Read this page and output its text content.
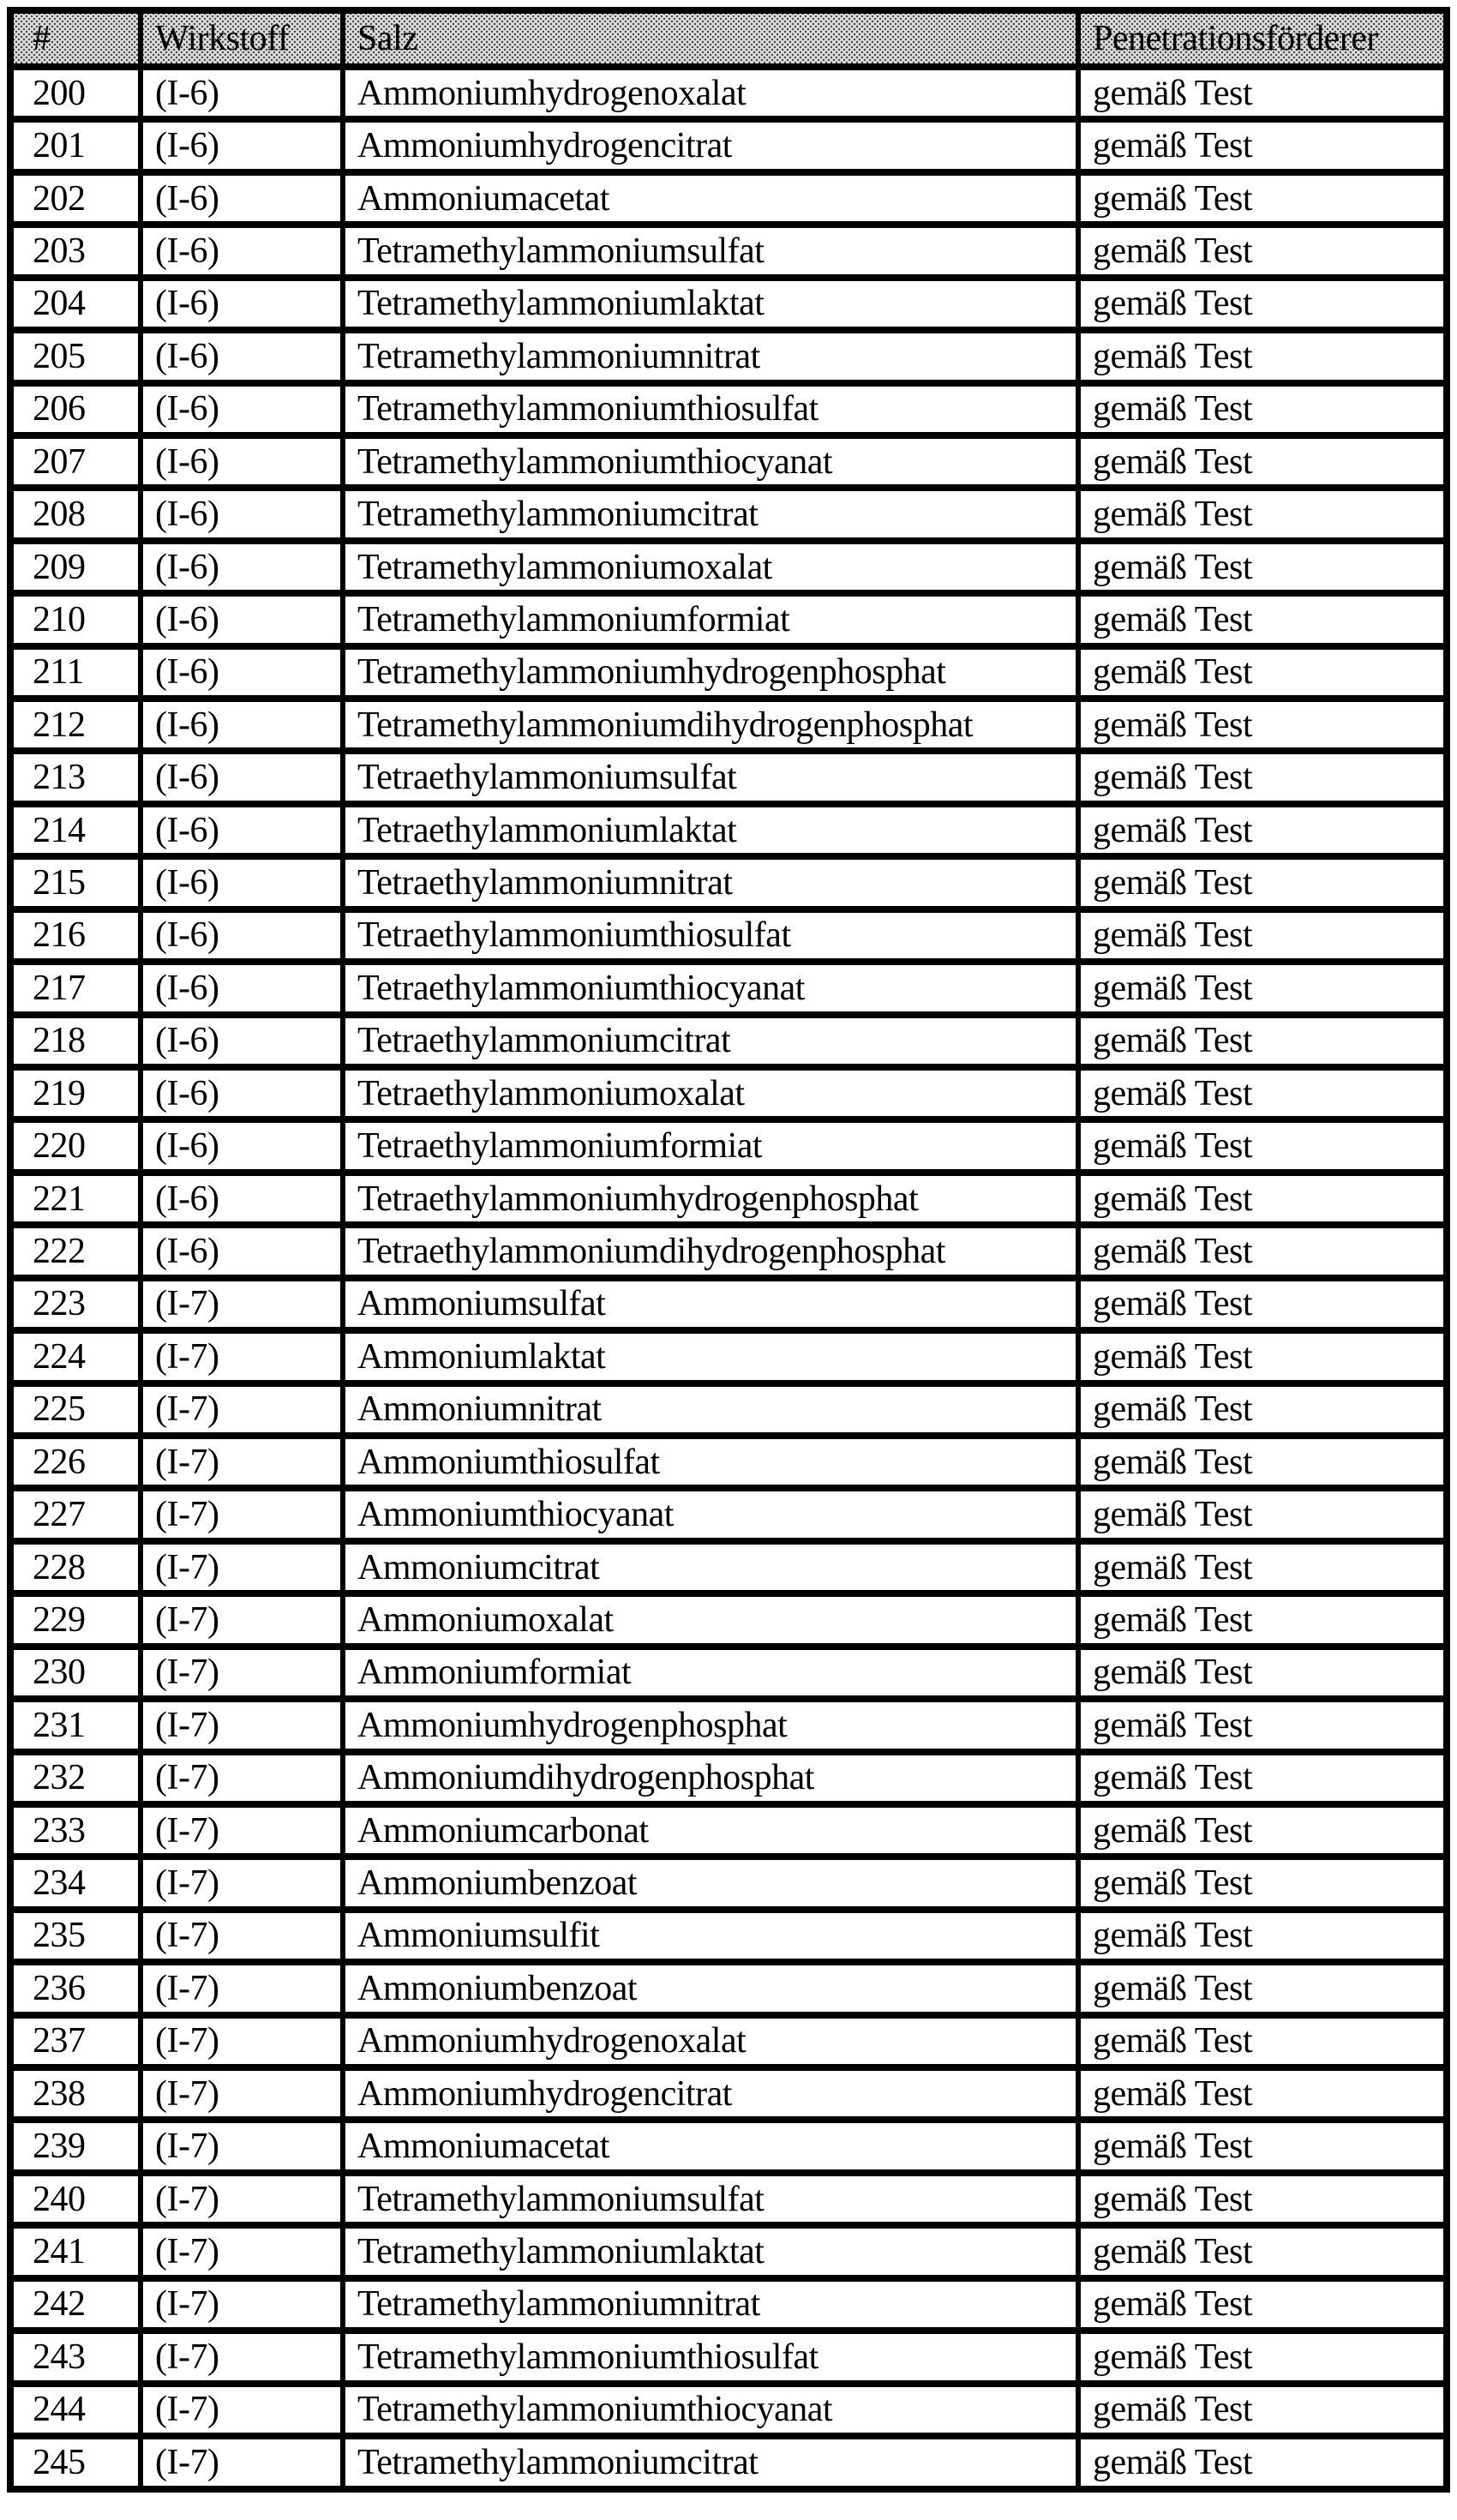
#	Wirkstoff	Salz	Penetrationsförderer
200	(I-6)	Ammoniumhydrogenoxalat	gemäß Test
201	(I-6)	Ammoniumhydrogencitrat	gemäß Test
202	(I-6)	Ammoniumacetat	gemäß Test
203	(I-6)	Tetramethylammoniumsulfat	gemäß Test
204	(I-6)	Tetramethylammoniumlaktat	gemäß Test
205	(I-6)	Tetramethylammoniumnitrat	gemäß Test
206	(I-6)	Tetramethylammoniumthiosulfat	gemäß Test
207	(I-6)	Tetramethylammoniumthiocyanat	gemäß Test
208	(I-6)	Tetramethylammoniumcitrat	gemäß Test
209	(I-6)	Tetramethylammoniumoxalat	gemäß Test
210	(I-6)	Tetramethylammoniumformiat	gemäß Test
211	(I-6)	Tetramethylammoniumhydrogenphosphat	gemäß Test
212	(I-6)	Tetramethylammoniumdihydrogenphosphat	gemäß Test
213	(I-6)	Tetraethylammoniumsulfat	gemäß Test
214	(I-6)	Tetraethylammoniumlaktat	gemäß Test
215	(I-6)	Tetraethylammoniumnitrat	gemäß Test
216	(I-6)	Tetraethylammoniumthiosulfat	gemäß Test
217	(I-6)	Tetraethylammoniumthiocyanat	gemäß Test
218	(I-6)	Tetraethylammoniumcitrat	gemäß Test
219	(I-6)	Tetraethylammoniumoxalat	gemäß Test
220	(I-6)	Tetraethylammoniumformiat	gemäß Test
221	(I-6)	Tetraethylammoniumhydrogenphosphat	gemäß Test
222	(I-6)	Tetraethylammoniumdihydrogenphosphat	gemäß Test
223	(I-7)	Ammoniumsulfat	gemäß Test
224	(I-7)	Ammoniumlaktat	gemäß Test
225	(I-7)	Ammoniumnitrat	gemäß Test
226	(I-7)	Ammoniumthiosulfat	gemäß Test
227	(I-7)	Ammoniumthiocyanat	gemäß Test
228	(I-7)	Ammoniumcitrat	gemäß Test
229	(I-7)	Ammoniumoxalat	gemäß Test
230	(I-7)	Ammoniumformiat	gemäß Test
231	(I-7)	Ammoniumhydrogenphosphat	gemäß Test
232	(I-7)	Ammoniumdihydrogenphosphat	gemäß Test
233	(I-7)	Ammoniumcarbonat	gemäß Test
234	(I-7)	Ammoniumbenzoat	gemäß Test
235	(I-7)	Ammoniumsulfit	gemäß Test
236	(I-7)	Ammoniumbenzoat	gemäß Test
237	(I-7)	Ammoniumhydrogenoxalat	gemäß Test
238	(I-7)	Ammoniumhydrogencitrat	gemäß Test
239	(I-7)	Ammoniumacetat	gemäß Test
240	(I-7)	Tetramethylammoniumsulfat	gemäß Test
241	(I-7)	Tetramethylammoniumlaktat	gemäß Test
242	(I-7)	Tetramethylammoniumnitrat	gemäß Test
243	(I-7)	Tetramethylammoniumthiosulfat	gemäß Test
244	(I-7)	Tetramethylammoniumthiocyanat	gemäß Test
245	(I-7)	Tetramethylammoniumcitrat	gemäß Test
